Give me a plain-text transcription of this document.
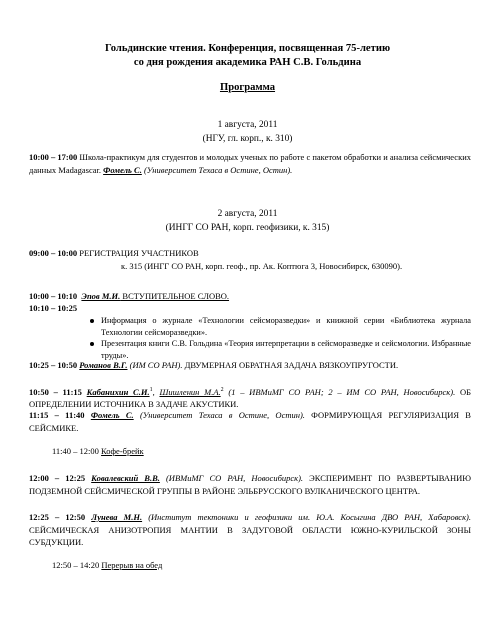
Гольдинские чтения. Конференция, посвященная 75-летию
со дня рождения академика РАН С.В. Гольдина
Программа
1 августа, 2011
(НГУ, гл. корп., к. 310)
10:00 – 17:00 Школа-практикум для студентов и молодых ученых по работе с пакетом обработки и анализа сейсмических данных Madagascar. Фомель С. (Университет Техаса в Остине, Остин).
2 августа, 2011
(ИНГГ СО РАН, корп. геофизики, к. 315)
09:00 – 10:00 РЕГИСТРАЦИЯ УЧАСТНИКОВ
к. 315 (ИНГГ СО РАН, корп. геоф., пр. Ак. Коптюга 3, Новосибирск, 630090).
10:00 – 10:10 Эпов М.И. ВСТУПИТЕЛЬНОЕ СЛОВО.
10:10 – 10:25
Информация о журнале «Технологии сейсморазведки» и книжной серии «Библиотека журнала Технологии сейсморазведки».
Презентация книги С.В. Гольдина «Теория интерпретации в сейсморазведке и сейсмологии. Избранные труды».
10:25 – 10:50 Романов В.Г. (ИМ СО РАН). ДВУМЕРНАЯ ОБРАТНАЯ ЗАДАЧА ВЯЗКОУПРУГОСТИ.
10:50 – 11:15 Кабанихин С.И.$^1$, Шишленин М.А.$^2$ (1 – ИВМиМГ СО РАН; 2 – ИМ СО РАН, Новосибирск). ОБ ОПРЕДЕЛЕНИИ ИСТОЧНИКА В ЗАДАЧЕ АКУСТИКИ.
11:15 – 11:40 Фомель С. (Университет Техаса в Остине, Остин). ФОРМИРУЮЩАЯ РЕГУЛЯРИЗАЦИЯ В СЕЙСМИКЕ.
11:40 – 12:00 Кофе-брейк
12:00 – 12:25 Ковалевский В.В. (ИВМиМГ СО РАН, Новосибирск). ЭКСПЕРИМЕНТ ПО РАЗВЕРТЫВАНИЮ ПОДЗЕМНОЙ СЕЙСМИЧЕСКОЙ ГРУППЫ В РАЙОНЕ ЭЛЬБРУССКОГО ВУЛКАНИЧЕСКОГО ЦЕНТРА.
12:25 – 12:50 Лунева М.Н. (Институт тектоники и геофизики им. Ю.А. Косыгина ДВО РАН, Хабаровск). СЕЙСМИЧЕСКАЯ АНИЗОТРОПИЯ МАНТИИ В ЗАДУГОВОЙ ОБЛАСТИ ЮЖНО-КУРИЛЬСКОЙ ЗОНЫ СУБДУКЦИИ.
12:50 – 14:20 Перерыв на обед
